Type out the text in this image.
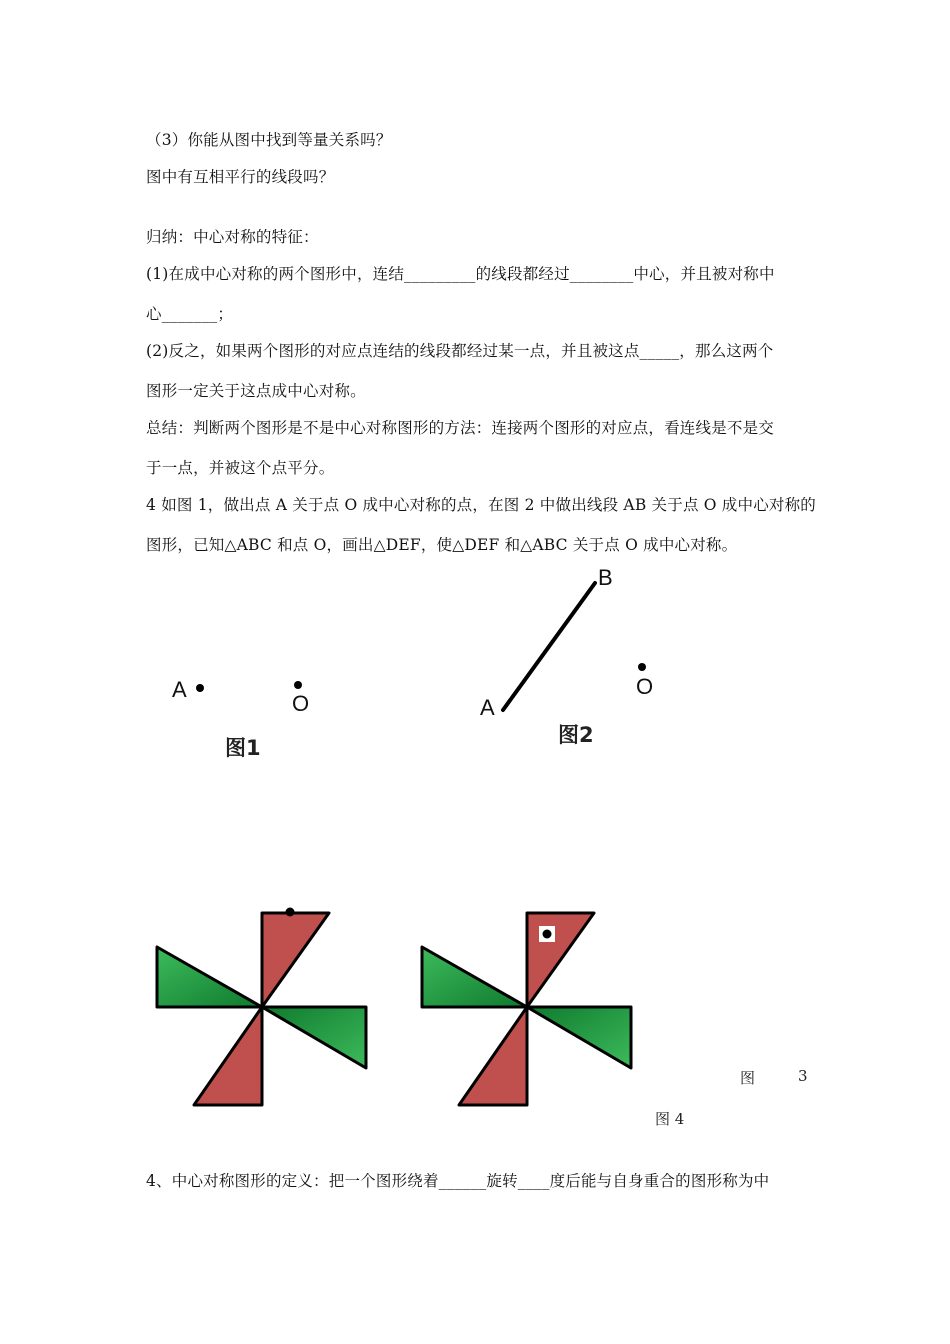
（3）你能从图中找到等量关系吗？
图中有互相平行的线段吗？
归纳：中心对称的特征：
(1)在成中心对称的两个图形中，连结_________的线段都经过________中心，并且被对称中
心_______；
(2)反之，如果两个图形的对应点连结的线段都经过某一点，并且被这点_____，那么这两个
图形一定关于这点成中心对称。
总结：判断两个图形是不是中心对称图形的方法：连接两个图形的对应点，看连线是不是交
于一点，并被这个点平分。
4 如图 1，做出点 A 关于点 O 成中心对称的点，在图 2 中做出线段 AB 关于点 O 成中心对称的
图形，已知△ABC 和点 O，画出△DEF，使△DEF 和△ABC 关于点 O 成中心对称。
A
O	A
B
O
图1
图2
图	3
图 4
4、中心对称图形的定义：把一个图形绕着______旋转____度后能与自身重合的图形称为中
